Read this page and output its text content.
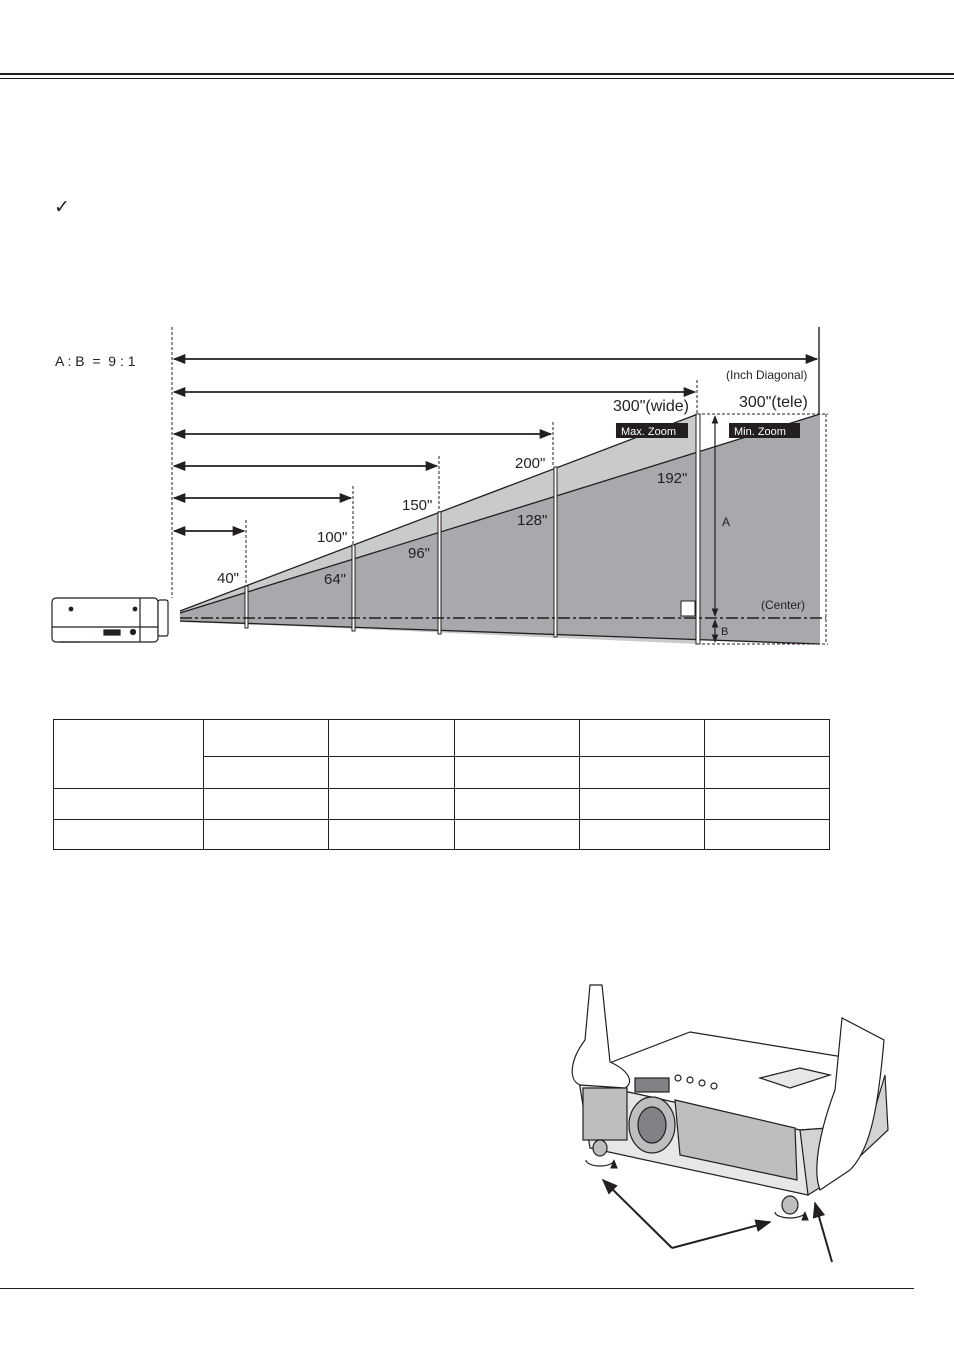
✓
A : B  =  9 : 1
(Inch Diagonal)
300"(wide)	300"(tele)
Max. Zoom	Min. Zoom
40"
100"
150"
200"
64"
96"
128"
192"
A
B
(Center)
